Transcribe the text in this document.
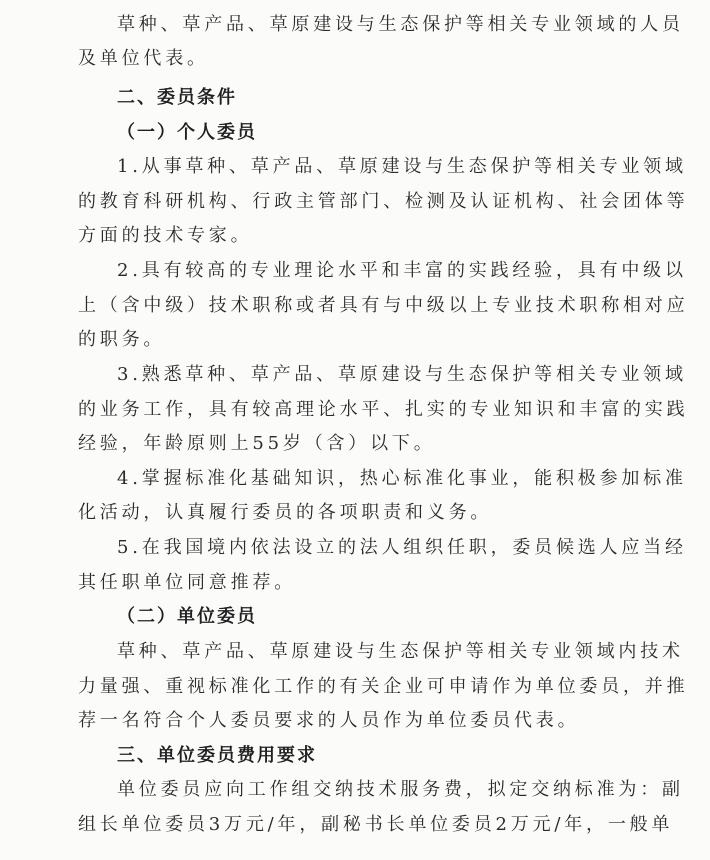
草种、草产品、草原建设与生态保护等相关专业领域的人员
及单位代表。
二、委员条件
（一）个人委员
1.从事草种、草产品、草原建设与生态保护等相关专业领域
的教育科研机构、行政主管部门、检测及认证机构、社会团体等
方面的技术专家。
2.具有较高的专业理论水平和丰富的实践经验，具有中级以
上（含中级）技术职称或者具有与中级以上专业技术职称相对应
的职务。
3.熟悉草种、草产品、草原建设与生态保护等相关专业领域
的业务工作，具有较高理论水平、扎实的专业知识和丰富的实践
经验，年龄原则上55岁（含）以下。
4.掌握标准化基础知识，热心标准化事业，能积极参加标准
化活动，认真履行委员的各项职责和义务。
5.在我国境内依法设立的法人组织任职，委员候选人应当经
其任职单位同意推荐。
（二）单位委员
草种、草产品、草原建设与生态保护等相关专业领域内技术
力量强、重视标准化工作的有关企业可申请作为单位委员，并推
荐一名符合个人委员要求的人员作为单位委员代表。
三、单位委员费用要求
单位委员应向工作组交纳技术服务费，拟定交纳标准为：副
组长单位委员3万元/年，副秘书长单位委员2万元/年，一般单
